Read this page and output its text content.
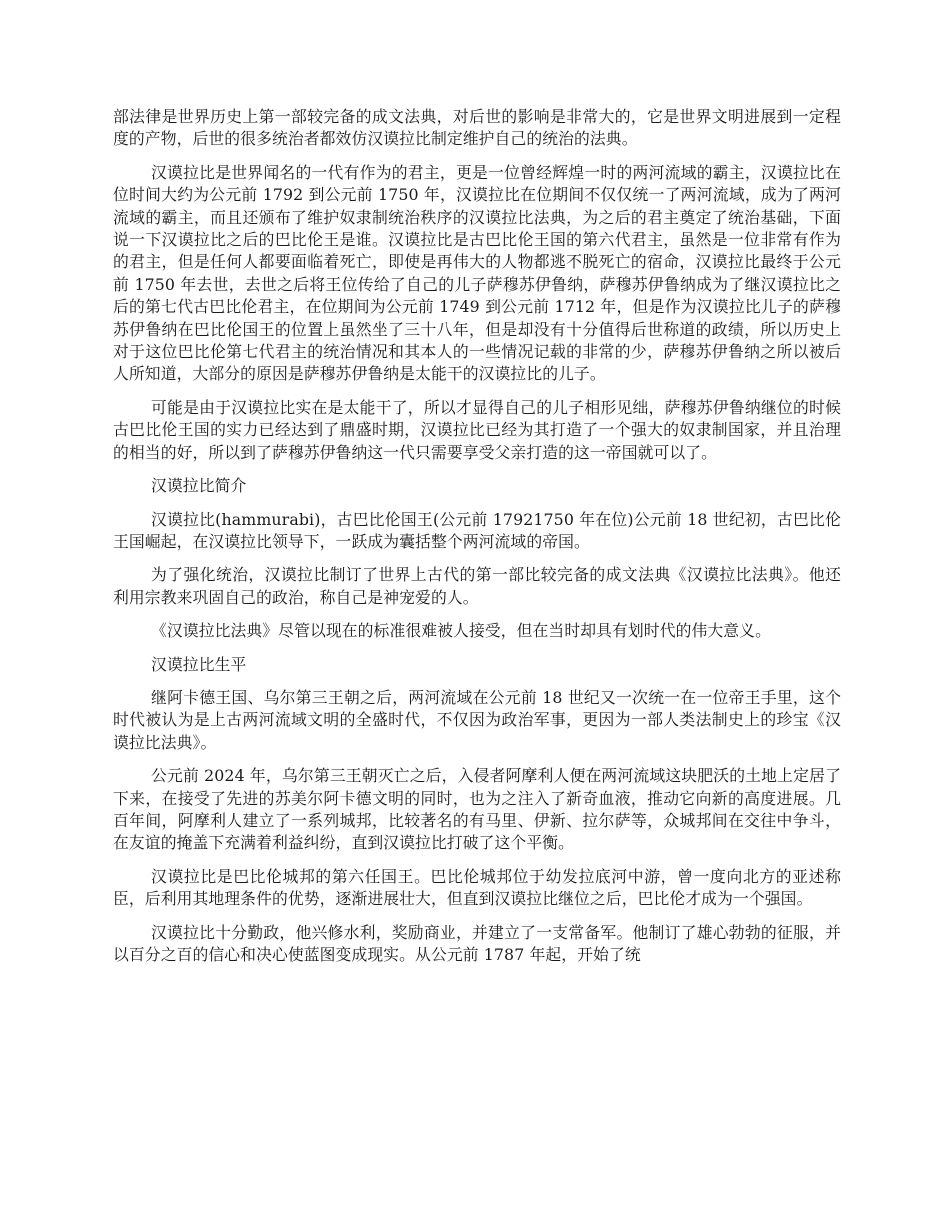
部法律是世界历史上第一部较完备的成文法典，对后世的影响是非常大的，它是世界文明进展到一定程度的产物，后世的很多统治者都效仿汉谟拉比制定维护自己的统治的法典。

汉谟拉比是世界闻名的一代有作为的君主，更是一位曾经辉煌一时的两河流域的霸主，汉谟拉比在位时间大约为公元前 1792 到公元前 1750 年，汉谟拉比在位期间不仅仅统一了两河流域，成为了两河流域的霸主，而且还颁布了维护奴隶制统治秩序的汉谟拉比法典，为之后的君主奠定了统治基础，下面说一下汉谟拉比之后的巴比伦王是谁。汉谟拉比是古巴比伦王国的第六代君主，虽然是一位非常有作为的君主，但是任何人都要面临着死亡，即使是再伟大的人物都逃不脱死亡的宿命，汉谟拉比最终于公元前 1750 年去世，去世之后将王位传给了自己的儿子萨穆苏伊鲁纳，萨穆苏伊鲁纳成为了继汉谟拉比之后的第七代古巴比伦君主，在位期间为公元前 1749 到公元前 1712 年，但是作为汉谟拉比儿子的萨穆苏伊鲁纳在巴比伦国王的位置上虽然坐了三十八年，但是却没有十分值得后世称道的政绩，所以历史上对于这位巴比伦第七代君主的统治情况和其本人的一些情况记载的非常的少，萨穆苏伊鲁纳之所以被后人所知道，大部分的原因是萨穆苏伊鲁纳是太能干的汉谟拉比的儿子。

可能是由于汉谟拉比实在是太能干了，所以才显得自己的儿子相形见绌，萨穆苏伊鲁纳继位的时候古巴比伦王国的实力已经达到了鼎盛时期，汉谟拉比已经为其打造了一个强大的奴隶制国家，并且治理的相当的好，所以到了萨穆苏伊鲁纳这一代只需要享受父亲打造的这一帝国就可以了。

汉谟拉比简介

汉谟拉比(hammurabi)，古巴比伦国王(公元前 17921750 年在位)公元前 18 世纪初，古巴比伦王国崛起，在汉谟拉比领导下，一跃成为囊括整个两河流域的帝国。

为了强化统治，汉谟拉比制订了世界上古代的第一部比较完备的成文法典《汉谟拉比法典》。他还利用宗教来巩固自己的政治，称自己是神宠爱的人。

《汉谟拉比法典》尽管以现在的标准很难被人接受，但在当时却具有划时代的伟大意义。

汉谟拉比生平

继阿卡德王国、乌尔第三王朝之后，两河流域在公元前 18 世纪又一次统一在一位帝王手里，这个时代被认为是上古两河流域文明的全盛时代，不仅因为政治军事，更因为一部人类法制史上的珍宝《汉谟拉比法典》。

公元前 2024 年，乌尔第三王朝灭亡之后，入侵者阿摩利人便在两河流域这块肥沃的土地上定居了下来，在接受了先进的苏美尔阿卡德文明的同时，也为之注入了新奇血液，推动它向新的高度进展。几百年间，阿摩利人建立了一系列城邦，比较著名的有马里、伊新、拉尔萨等，众城邦间在交往中争斗，在友谊的掩盖下充满着利益纠纷，直到汉谟拉比打破了这个平衡。

汉谟拉比是巴比伦城邦的第六任国王。巴比伦城邦位于幼发拉底河中游，曾一度向北方的亚述称臣，后利用其地理条件的优势，逐渐进展壮大，但直到汉谟拉比继位之后，巴比伦才成为一个强国。

汉谟拉比十分勤政，他兴修水利，奖励商业，并建立了一支常备军。他制订了雄心勃勃的征服，并以百分之百的信心和决心使蓝图变成现实。从公元前 1787 年起，开始了统
